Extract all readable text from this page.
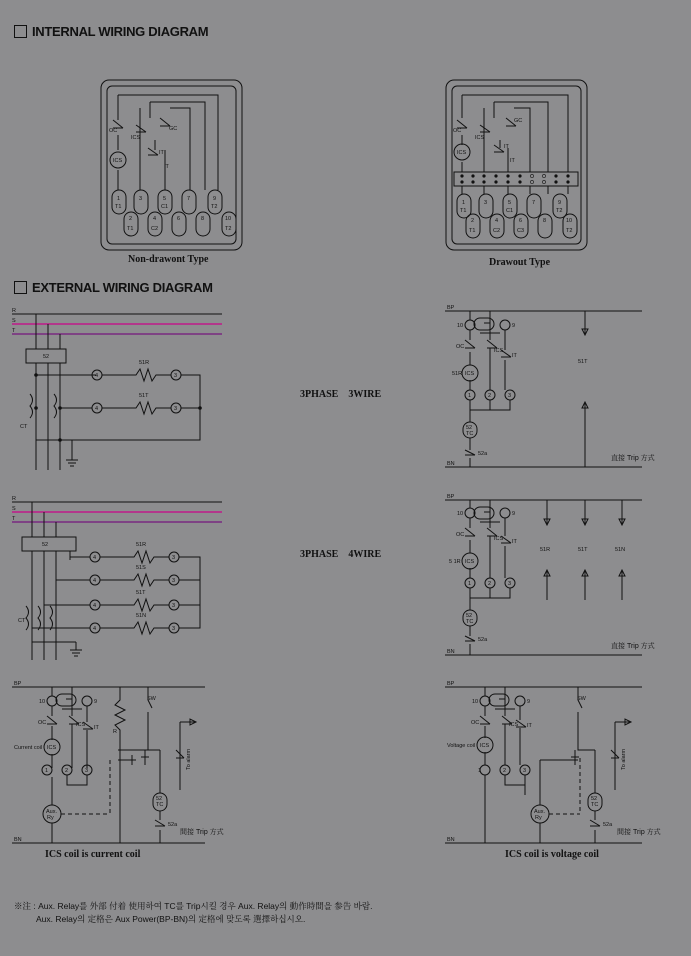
INTERNAL WIRING DIAGRAM
EXTERNAL WIRING DIAGRAM
Non-drawont Type	Drawout Type
3PHASE　3WIRE
3PHASE　4WIRE
ICS coil is current coil	ICS coil is voltage coil
※注 : Aux. Relay를 外部 付着 使用하여 TC를 Trip시킬 경우 Aux. Relay의 動作時間을 参告 바람.
Aux. Relay의 定格은 Aux Power(BP-BN)의 定格에 맞도록 選擇하십시오.
OC
ICS
GC
IT
IT
ICS
1	3	5	7	9
T1	C1	T2
2	4	6	8	10
T1	C2	T2
OC
ICS
GC
IT
IT
ICS
1	3	5	7	9
T1	C1	T2
2	4	6	8	10
T1	C2	C3	T2
R
S
T
52
CT
4
51R
3
4
51T
3
R
S
T
52
CT
4
51R
3
4
51S
3
4
51T
3
4
51N
3
BP
BN
10	9
OC
ICS
IT
ICS
51R
51T
1	2	3
52
TC
52a
直接 Trip 方式
BP
BN
10	9
OC
ICS IT
ICS
5 1R
51R	51T	51N
1	2	3
52
TC
52a
直接 Trip 方式
BP
BN
10	9
OC	ICS IT
Current coil ICS
SW
R
1	2	3
Aux.
Ry
52
TC
52a
To alarm
間接 Trip 方式
BP
BN
10	9
OC	ICS IT
Voltage coil ICS
SW
1	2	3
Aux.
Ry
52
TC
52a
To alarm
間接 Trip 方式
